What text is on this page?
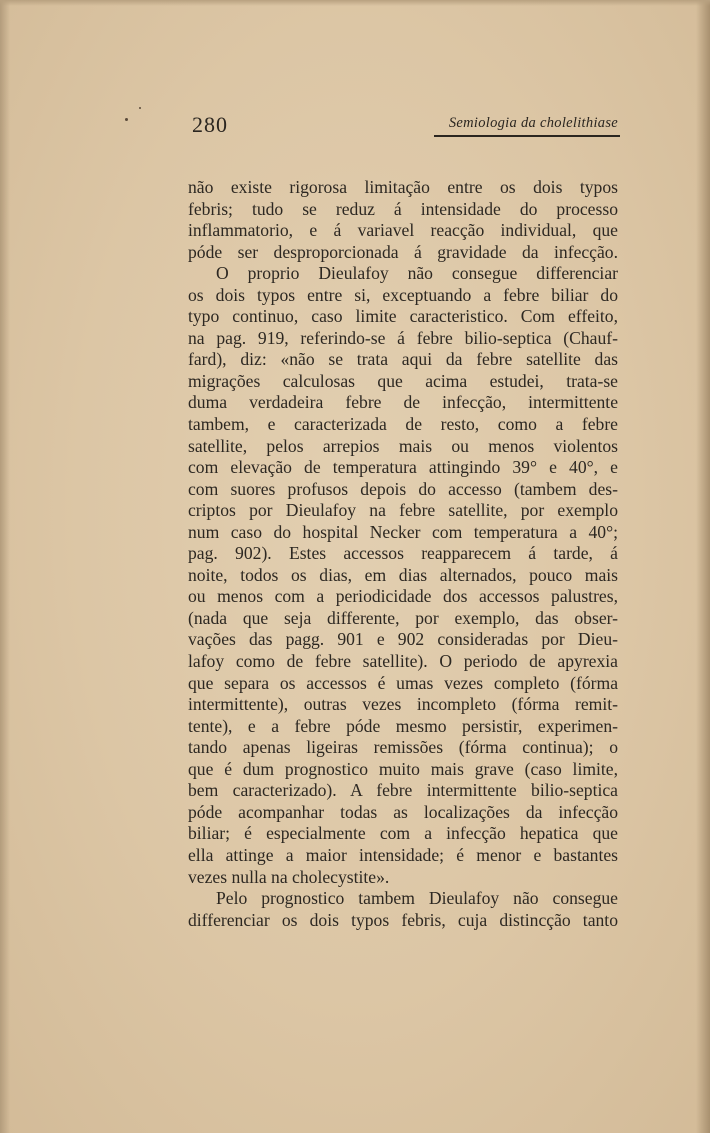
280	Semiologia da cholelithiase
não existe rigorosa limitação entre os dois typos
febris; tudo se reduz á intensidade do processo
inflammatorio, e á variavel reacção individual, que
póde ser desproporcionada á gravidade da infecção.
O proprio Dieulafoy não consegue differenciar
os dois typos entre si, exceptuando a febre biliar do
typo continuo, caso limite caracteristico. Com effeito,
na pag. 919, referindo-se á febre bilio-septica (Chauf-
fard), diz: «não se trata aqui da febre satellite das
migrações calculosas que acima estudei, trata-se
duma verdadeira febre de infecção, intermittente
tambem, e caracterizada de resto, como a febre
satellite, pelos arrepios mais ou menos violentos
com elevação de temperatura attingindo 39° e 40°, e
com suores profusos depois do accesso (tambem des-
criptos por Dieulafoy na febre satellite, por exemplo
num caso do hospital Necker com temperatura a 40°;
pag. 902). Estes accessos reapparecem á tarde, á
noite, todos os dias, em dias alternados, pouco mais
ou menos com a periodicidade dos accessos palustres,
(nada que seja differente, por exemplo, das obser-
vações das pagg. 901 e 902 consideradas por Dieu-
lafoy como de febre satellite). O periodo de apyrexia
que separa os accessos é umas vezes completo (fórma
intermittente), outras vezes incompleto (fórma remit-
tente), e a febre póde mesmo persistir, experimen-
tando apenas ligeiras remissões (fórma continua); o
que é dum prognostico muito mais grave (caso limite,
bem caracterizado). A febre intermittente bilio-septica
póde acompanhar todas as localizações da infecção
biliar; é especialmente com a infecção hepatica que
ella attinge a maior intensidade; é menor e bastantes
vezes nulla na cholecystite».
Pelo prognostico tambem Dieulafoy não consegue
differenciar os dois typos febris, cuja distincção tanto
